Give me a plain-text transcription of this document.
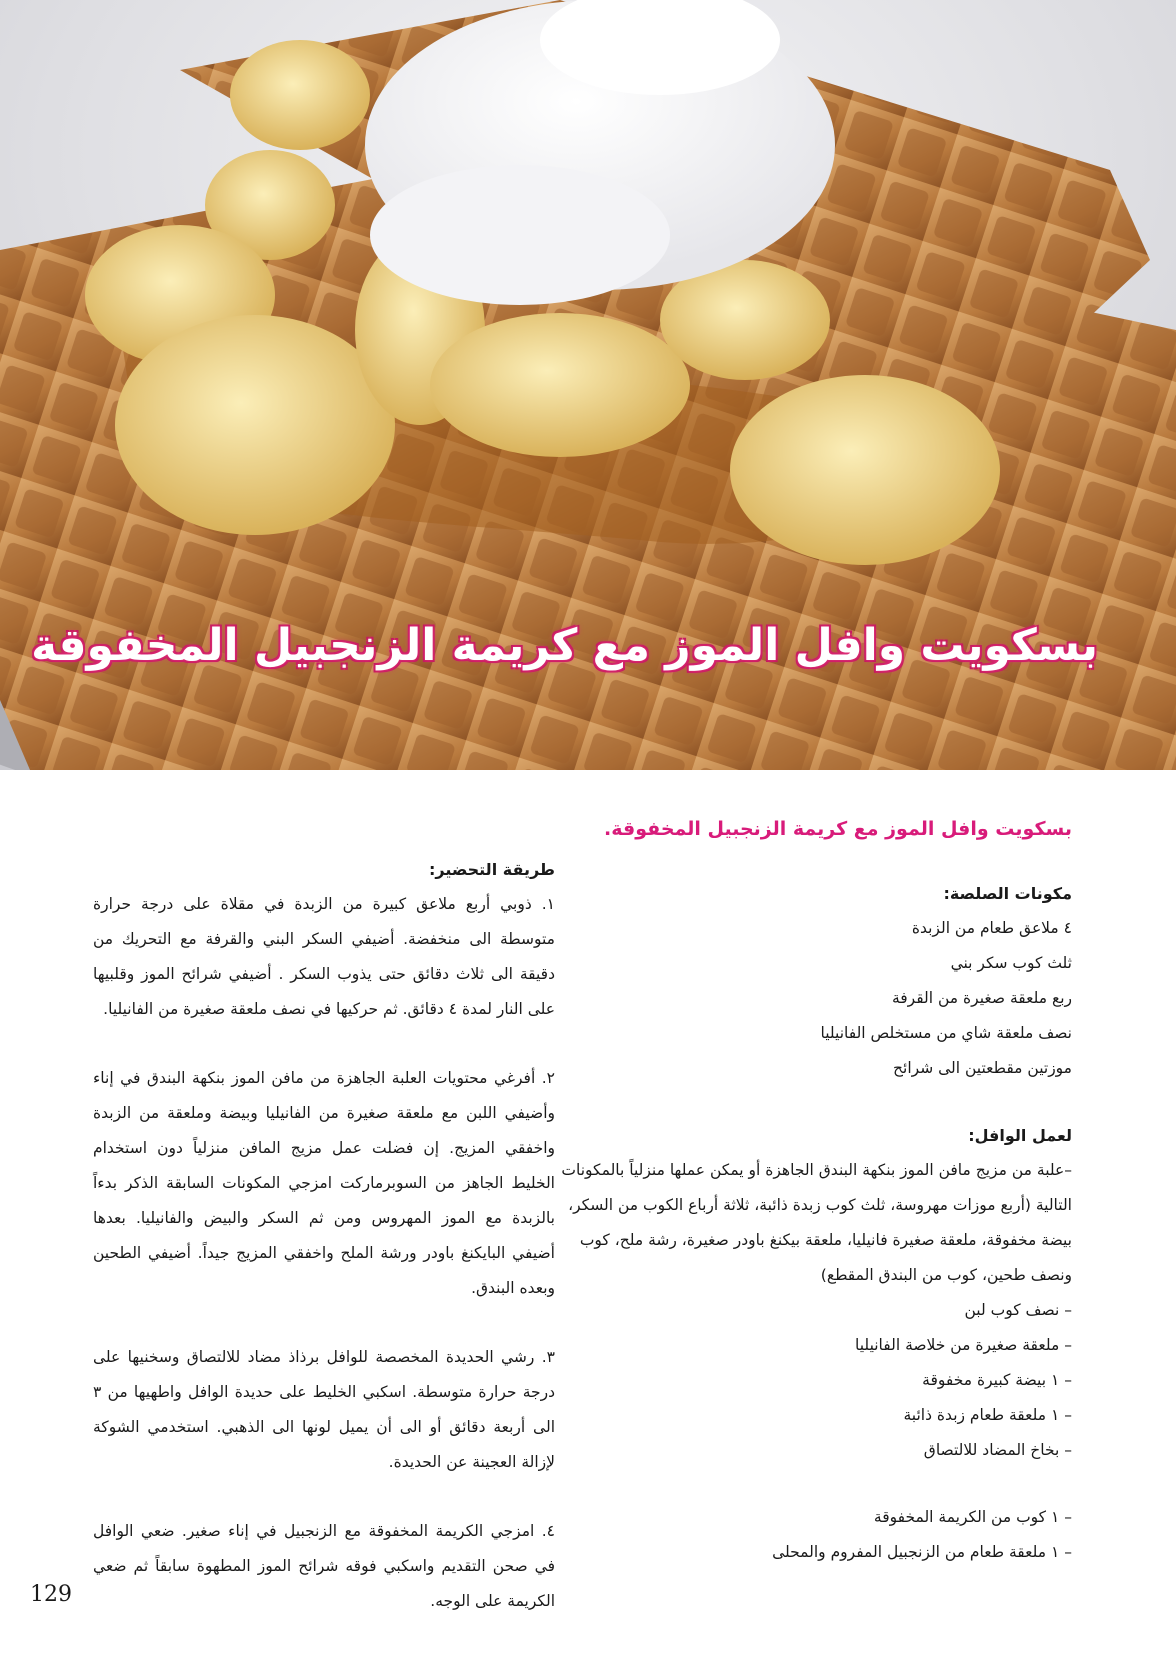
بسكويت وافل الموز مع كريمة الزنجبيل المخفوقة

بسكويت وافل الموز مع كريمة الزنجبيل المخفوقة.

مكونات الصلصة:

٤ ملاعق طعام من الزبدة
ثلث كوب سكر بني
ربع ملعقة صغيرة من القرفة
نصف ملعقة شاي من مستخلص الفانيليا
موزتين مقطعتين الى شرائح

لعمل الوافل:

–علبة من مزيج مافن الموز بنكهة البندق الجاهزة أو يمكن عملها منزلياً بالمكونات التالية (أربع موزات مهروسة، ثلث كوب زبدة ذائبة، ثلاثة أرباع الكوب من السكر، بيضة مخفوقة، ملعقة صغيرة فانيليا، ملعقة بيكنغ باودر صغيرة، رشة ملح، كوب ونصف طحين، كوب من البندق المقطع)
– نصف كوب لبن
– ملعقة صغيرة من خلاصة الفانيليا
– ١ بيضة كبيرة مخفوقة
– ١ ملعقة طعام زبدة ذائبة
– بخاخ المضاد للالتصاق
– ١ كوب من الكريمة المخفوقة
– ١ ملعقة طعام من الزنجبيل المفروم والمحلى

طريقة التحضير:

١. ذوبي أربع ملاعق كبيرة من الزبدة في مقلاة على درجة حرارة متوسطة الى منخفضة. أضيفي السكر البني والقرفة مع التحريك من دقيقة الى ثلاث دقائق حتى يذوب السكر . أضيفي شرائح الموز وقلبيها على النار لمدة ٤ دقائق. ثم حركيها في نصف ملعقة صغيرة من الفانيليا.

٢. أفرغي محتويات العلبة الجاهزة من مافن الموز بنكهة البندق في إناء وأضيفي اللبن مع ملعقة صغيرة من الفانيليا وبيضة وملعقة من الزبدة واخفقي المزيج. إن فضلت عمل مزيج المافن منزلياً دون استخدام الخليط الجاهز من السوبرماركت امزجي المكونات السابقة الذكر بدءاً بالزبدة مع الموز المهروس ومن ثم السكر والبيض والفانيليا. بعدها أضيفي البايكنغ باودر ورشة الملح واخفقي المزيج جيداً. أضيفي الطحين وبعده البندق.

٣. رشي الحديدة المخصصة للوافل برذاذ مضاد للالتصاق وسخنيها على درجة حرارة متوسطة. اسكبي الخليط على حديدة الوافل واطهيها من ٣ الى أربعة دقائق أو الى أن يميل لونها الى الذهبي. استخدمي الشوكة لإزالة العجينة عن الحديدة.

٤. امزجي الكريمة المخفوقة مع الزنجبيل في إناء صغير. ضعي الوافل في صحن التقديم واسكبي فوقه شرائح الموز المطهوة سابقاً ثم ضعي الكريمة على الوجه.

129
